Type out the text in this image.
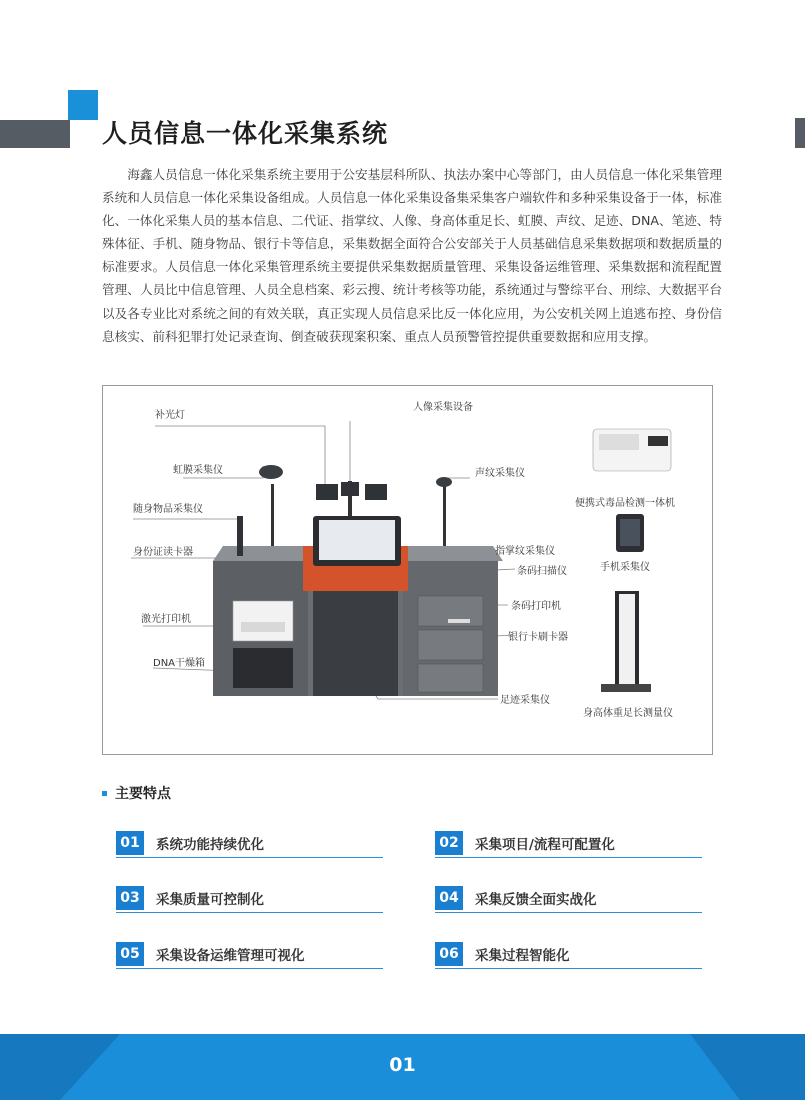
人员信息一体化采集系统

海鑫人员信息一体化采集系统主要用于公安基层科所队、执法办案中心等部门，由人员信息一体化采集管理系统和人员信息一体化采集设备组成。人员信息一体化采集设备集采集客户端软件和多种采集设备于一体，标准化、一体化采集人员的基本信息、二代证、指掌纹、人像、身高体重足长、虹膜、声纹、足迹、DNA、笔迹、特殊体征、手机、随身物品、银行卡等信息，采集数据全面符合公安部关于人员基础信息采集数据项和数据质量的标准要求。人员信息一体化采集管理系统主要提供采集数据质量管理、采集设备运维管理、采集数据和流程配置管理、人员比中信息管理、人员全息档案、彩云搜、统计考核等功能，系统通过与警综平台、刑综、大数据平台以及各专业比对系统之间的有效关联，真正实现人员信息采比反一体化应用，为公安机关网上追逃布控、身份信息核实、前科犯罪打处记录查询、倒查破获现案积案、重点人员预警管控提供重要数据和应用支撑。

补光灯
人像采集设备
虹膜采集仪	声纹采集仪
随身物品采集仪
身份证读卡器	指掌纹采集仪
条码扫描仪
激光打印机
条码打印机
银行卡刷卡器
DNA干燥箱
足迹采集仪
便携式毒品检测一体机
手机采集仪
身高体重足长测量仪
主要特点
01	系统功能持续优化	02	采集项目/流程可配置化
03	采集质量可控制化	04	采集反馈全面实战化
05	采集设备运维管理可视化	06	采集过程智能化
01
